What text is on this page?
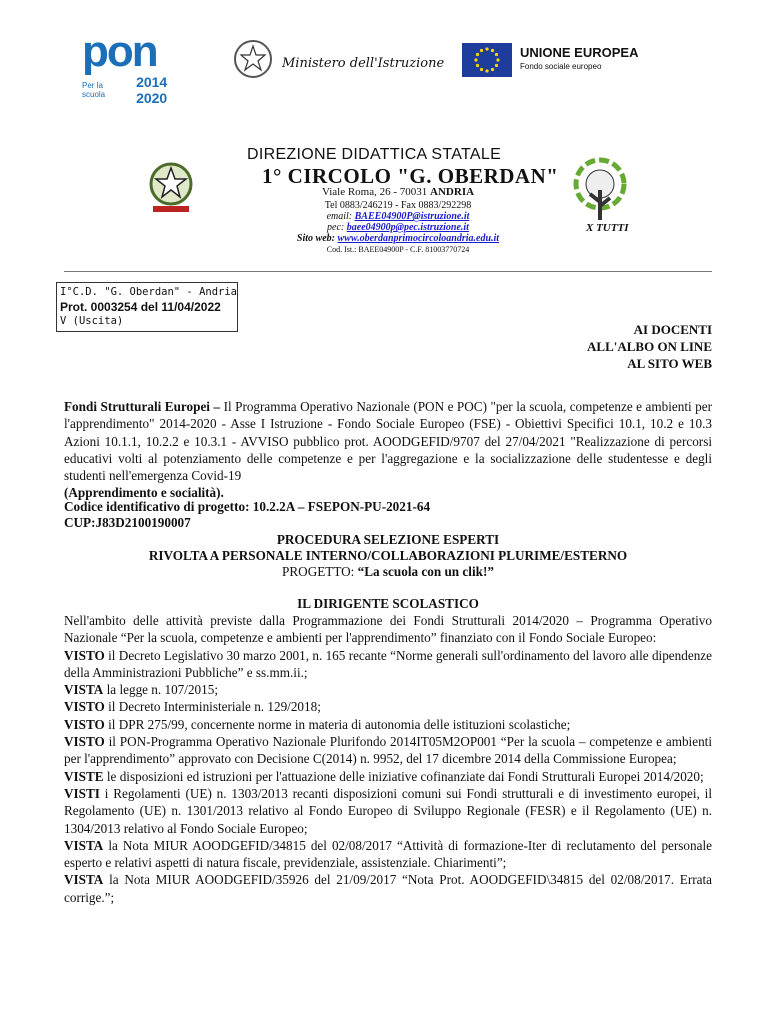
pon
Per la scuola
2014 2020
Ministero dell'Istruzione
UNIONE EUROPEA
Fondo sociale europeo
DIREZIONE DIDATTICA STATALE
1° CIRCOLO "G. OBERDAN"
Viale Roma, 26 - 70031 ANDRIA
Tel 0883/246219 - Fax 0883/292298
email: BAEE04900P@istruzione.it
pec: baee04900p@pec.istruzione.it
Sito web: www.oberdanprimocircoloandria.edu.it
Cod. Ist.: BAEE04900P - C.F. 81003770724
X TUTTI
I°C.D. "G. Oberdan" - Andria
Prot. 0003254 del 11/04/2022
V (Uscita)
AI DOCENTI
ALL'ALBO ON LINE
AL SITO WEB
Fondi Strutturali Europei – Il Programma Operativo Nazionale (PON e POC) "per la scuola, competenze e ambienti per l'apprendimento" 2014-2020 - Asse I Istruzione - Fondo Sociale Europeo (FSE) - Obiettivi Specifici 10.1, 10.2 e 10.3 Azioni 10.1.1, 10.2.2 e 10.3.1 - AVVISO pubblico prot. AOODGEFID/9707 del 27/04/2021 "Realizzazione di percorsi educativi volti al potenziamento delle competenze e per l'aggregazione e la socializzazione delle studentesse e degli studenti nell'emergenza Covid-19
(Apprendimento e socialità).
Codice identificativo di progetto: 10.2.2A – FSEPON-PU-2021-64
CUP:J83D2100190007
PROCEDURA SELEZIONE ESPERTI
RIVOLTA A PERSONALE INTERNO/COLLABORAZIONI PLURIME/ESTERNO
PROGETTO: “La scuola con un clik!”
IL DIRIGENTE SCOLASTICO
Nell'ambito delle attività previste dalla Programmazione dei Fondi Strutturali 2014/2020 – Programma Operativo Nazionale “Per la scuola, competenze e ambienti per l'apprendimento” finanziato con il Fondo Sociale Europeo:
VISTO il Decreto Legislativo 30 marzo 2001, n. 165 recante “Norme generali sull'ordinamento del lavoro alle dipendenze della Amministrazioni Pubbliche” e ss.mm.ii.;
VISTA la legge n. 107/2015;
VISTO il Decreto Interministeriale n. 129/2018;
VISTO il DPR 275/99, concernente norme in materia di autonomia delle istituzioni scolastiche;
VISTO il PON-Programma Operativo Nazionale Plurifondo 2014IT05M2OP001 “Per la scuola – competenze e ambienti per l'apprendimento” approvato con Decisione C(2014) n. 9952, del 17 dicembre 2014 della Commissione Europea;
VISTE le disposizioni ed istruzioni per l'attuazione delle iniziative cofinanziate dai Fondi Strutturali Europei 2014/2020;
VISTI i Regolamenti (UE) n. 1303/2013 recanti disposizioni comuni sui Fondi strutturali e di investimento europei, il Regolamento (UE) n. 1301/2013 relativo al Fondo Europeo di Sviluppo Regionale (FESR) e il Regolamento (UE) n. 1304/2013 relativo al Fondo Sociale Europeo;
VISTA la Nota MIUR AOODGEFID/34815 del 02/08/2017 “Attività di formazione-Iter di reclutamento del personale esperto e relativi aspetti di natura fiscale, previdenziale, assistenziale. Chiarimenti”;
VISTA la Nota MIUR AOODGEFID/35926 del 21/09/2017 “Nota Prot. AOODGEFID\34815 del 02/08/2017. Errata corrige.”;
